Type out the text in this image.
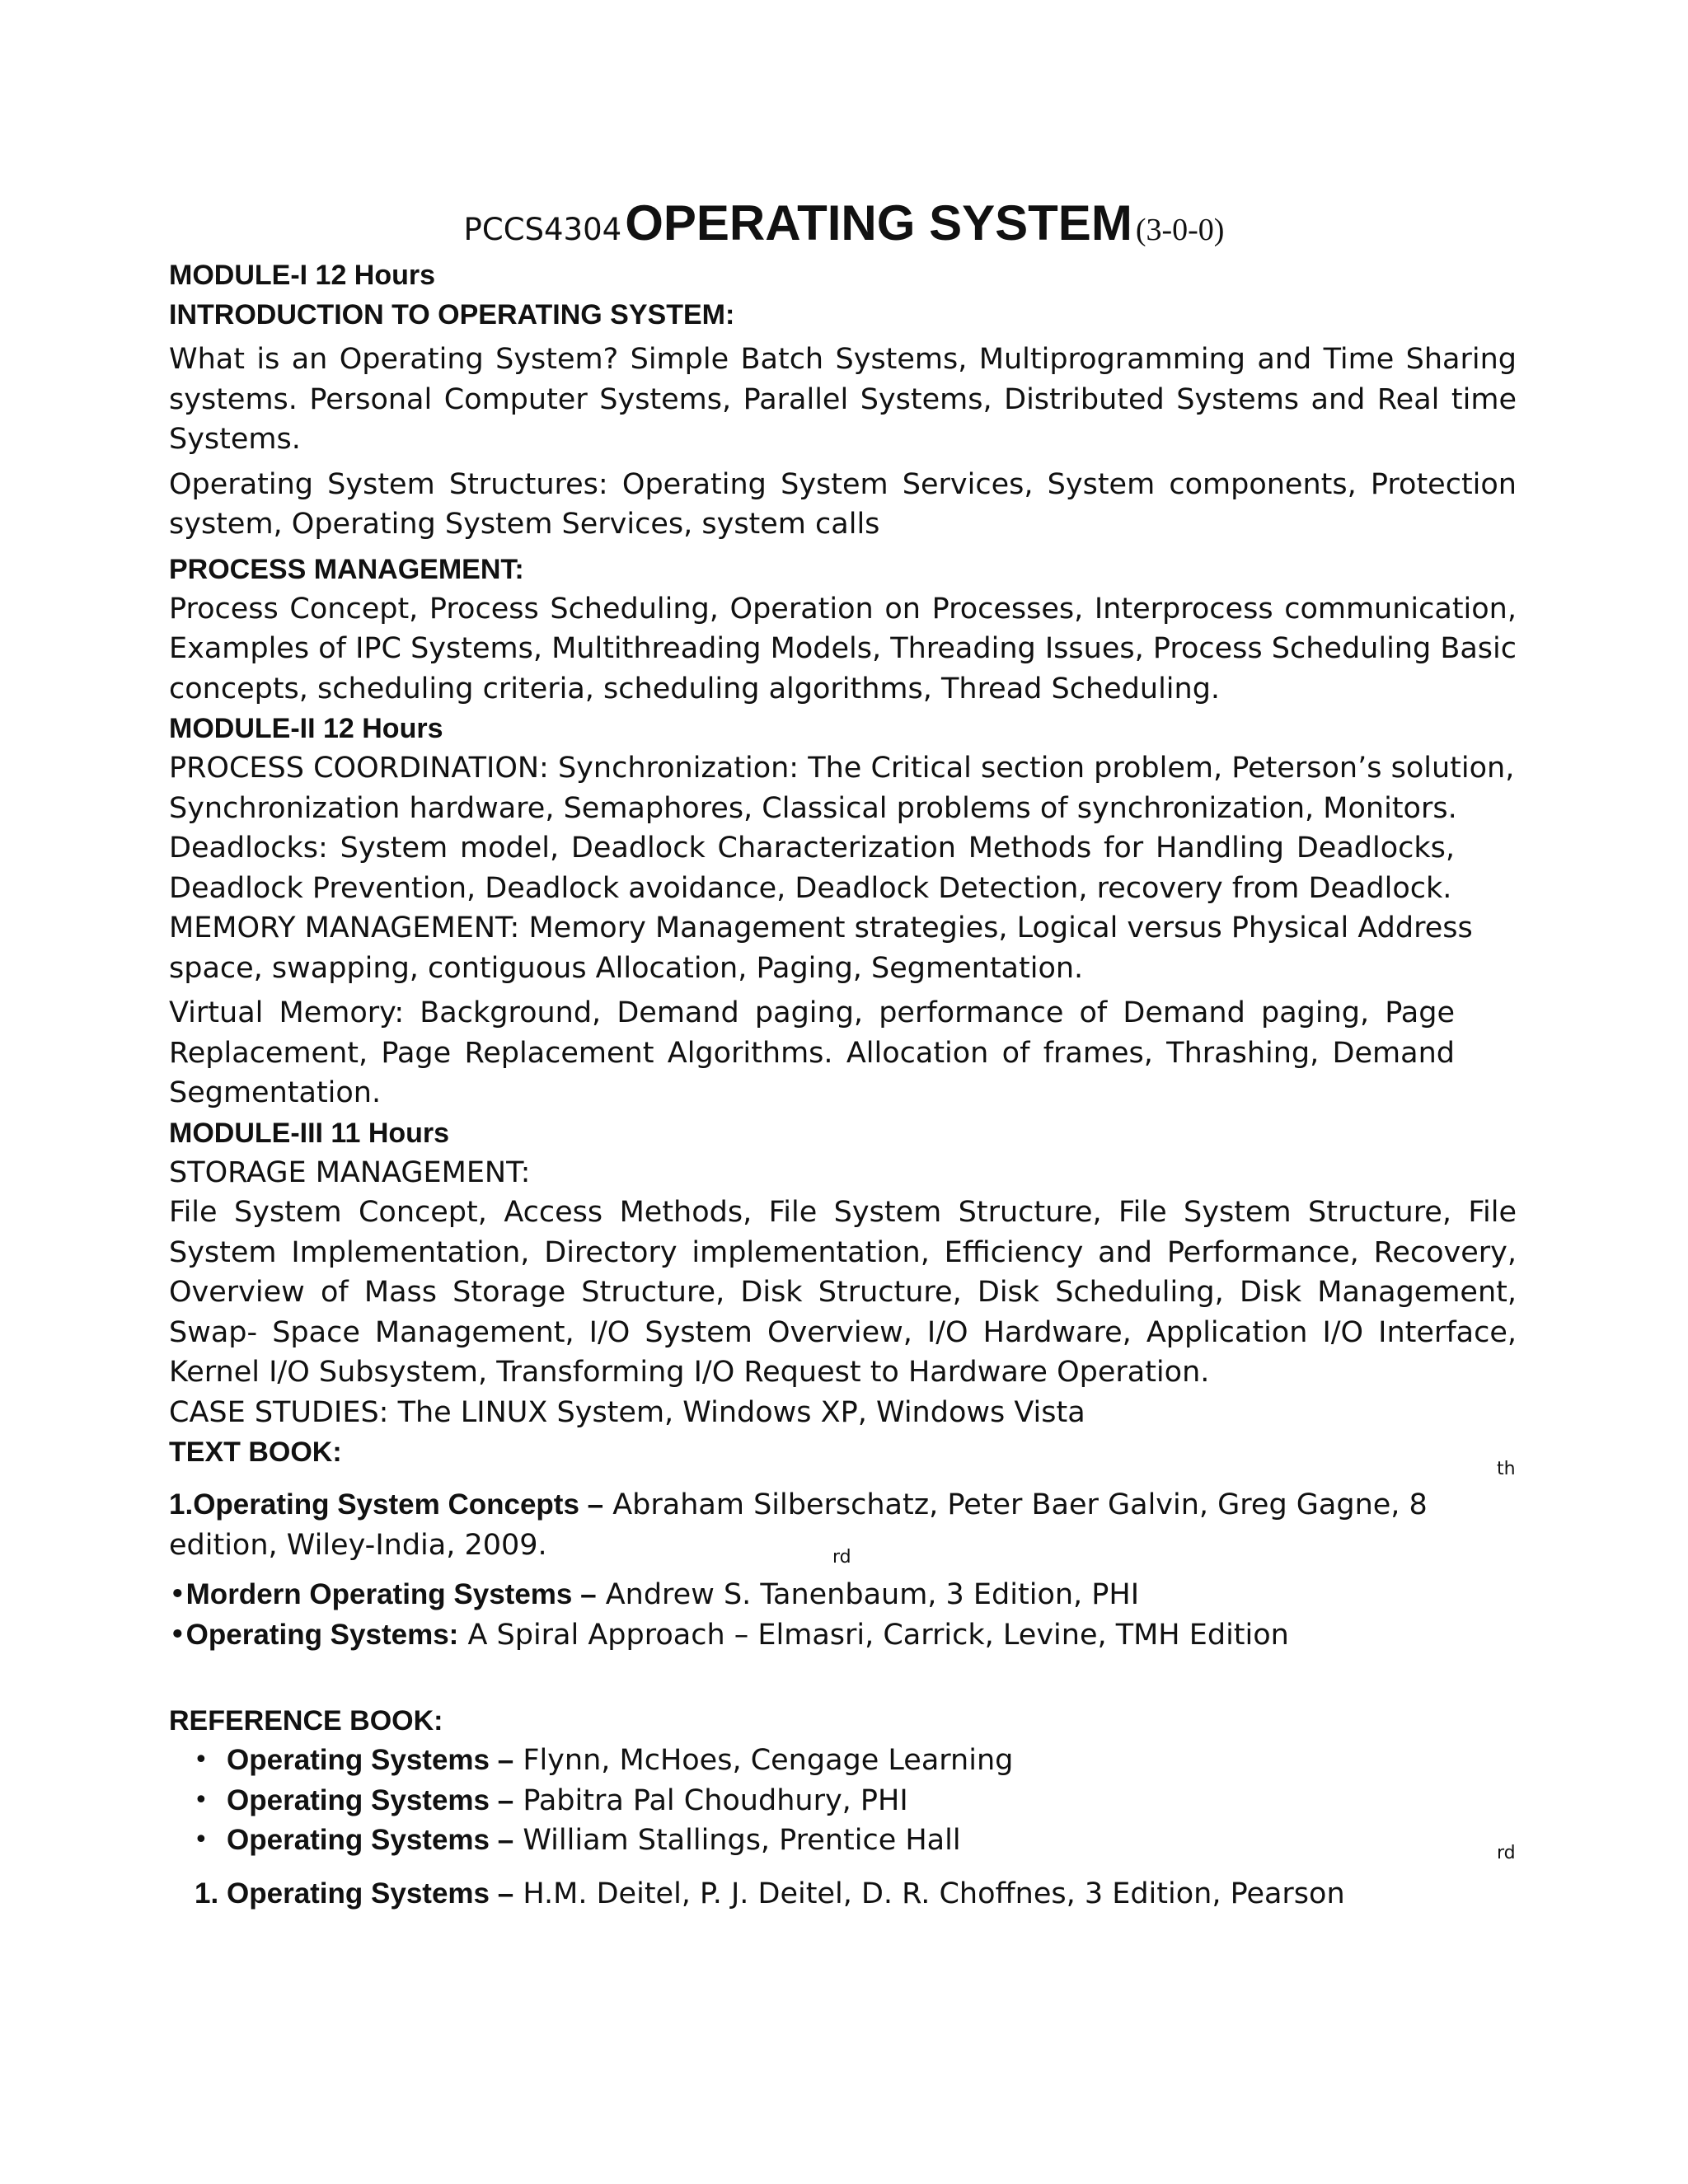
PCCS4304 OPERATING SYSTEM (3-0-0)

MODULE-I 12 Hours

INTRODUCTION TO OPERATING SYSTEM:

What is an Operating System? Simple Batch Systems, Multiprogramming and Time Sharing systems. Personal Computer Systems, Parallel Systems, Distributed Systems and Real time Systems.

Operating System Structures: Operating System Services, System components, Protection system, Operating System Services, system calls

PROCESS MANAGEMENT:

Process Concept, Process Scheduling, Operation on Processes, Interprocess communication, Examples of IPC Systems, Multithreading Models, Threading Issues, Process Scheduling Basic concepts, scheduling criteria, scheduling algorithms, Thread Scheduling.

MODULE-II 12 Hours

PROCESS COORDINATION: Synchronization: The Critical section problem, Peterson’s solution, Synchronization hardware, Semaphores, Classical problems of synchronization, Monitors.

Deadlocks: System model, Deadlock Characterization Methods for Handling Deadlocks, Deadlock Prevention, Deadlock avoidance, Deadlock Detection, recovery from Deadlock.

MEMORY MANAGEMENT: Memory Management strategies, Logical versus Physical Address space, swapping, contiguous Allocation, Paging, Segmentation.

Virtual Memory: Background, Demand paging, performance of Demand paging, Page Replacement, Page Replacement Algorithms. Allocation of frames, Thrashing, Demand Segmentation.

MODULE-III 11 Hours

STORAGE MANAGEMENT:

File System Concept, Access Methods, File System Structure, File System Structure, File System Implementation, Directory implementation, Efficiency and Performance, Recovery, Overview of Mass Storage Structure, Disk Structure, Disk Scheduling, Disk Management, Swap- Space Management, I/O System Overview, I/O Hardware, Application I/O Interface, Kernel I/O Subsystem, Transforming I/O Request to Hardware Operation.

CASE STUDIES: The LINUX System, Windows XP, Windows Vista

TEXT BOOK:

1.Operating System Concepts – Abraham Silberschatz, Peter Baer Galvin, Greg Gagne, 8
edition, Wiley-India, 2009.
•Mordern Operating Systems – Andrew S. Tanenbaum, 3 Edition, PHI
•Operating Systems: A Spiral Approach – Elmasri, Carrick, Levine, TMH Edition

REFERENCE BOOK:

• Operating Systems – Flynn, McHoes, Cengage Learning
• Operating Systems – Pabitra Pal Choudhury, PHI
• Operating Systems – William Stallings, Prentice Hall
1. Operating Systems – H.M. Deitel, P. J. Deitel, D. R. Choffnes, 3 Edition, Pearson
th
rd
rd
